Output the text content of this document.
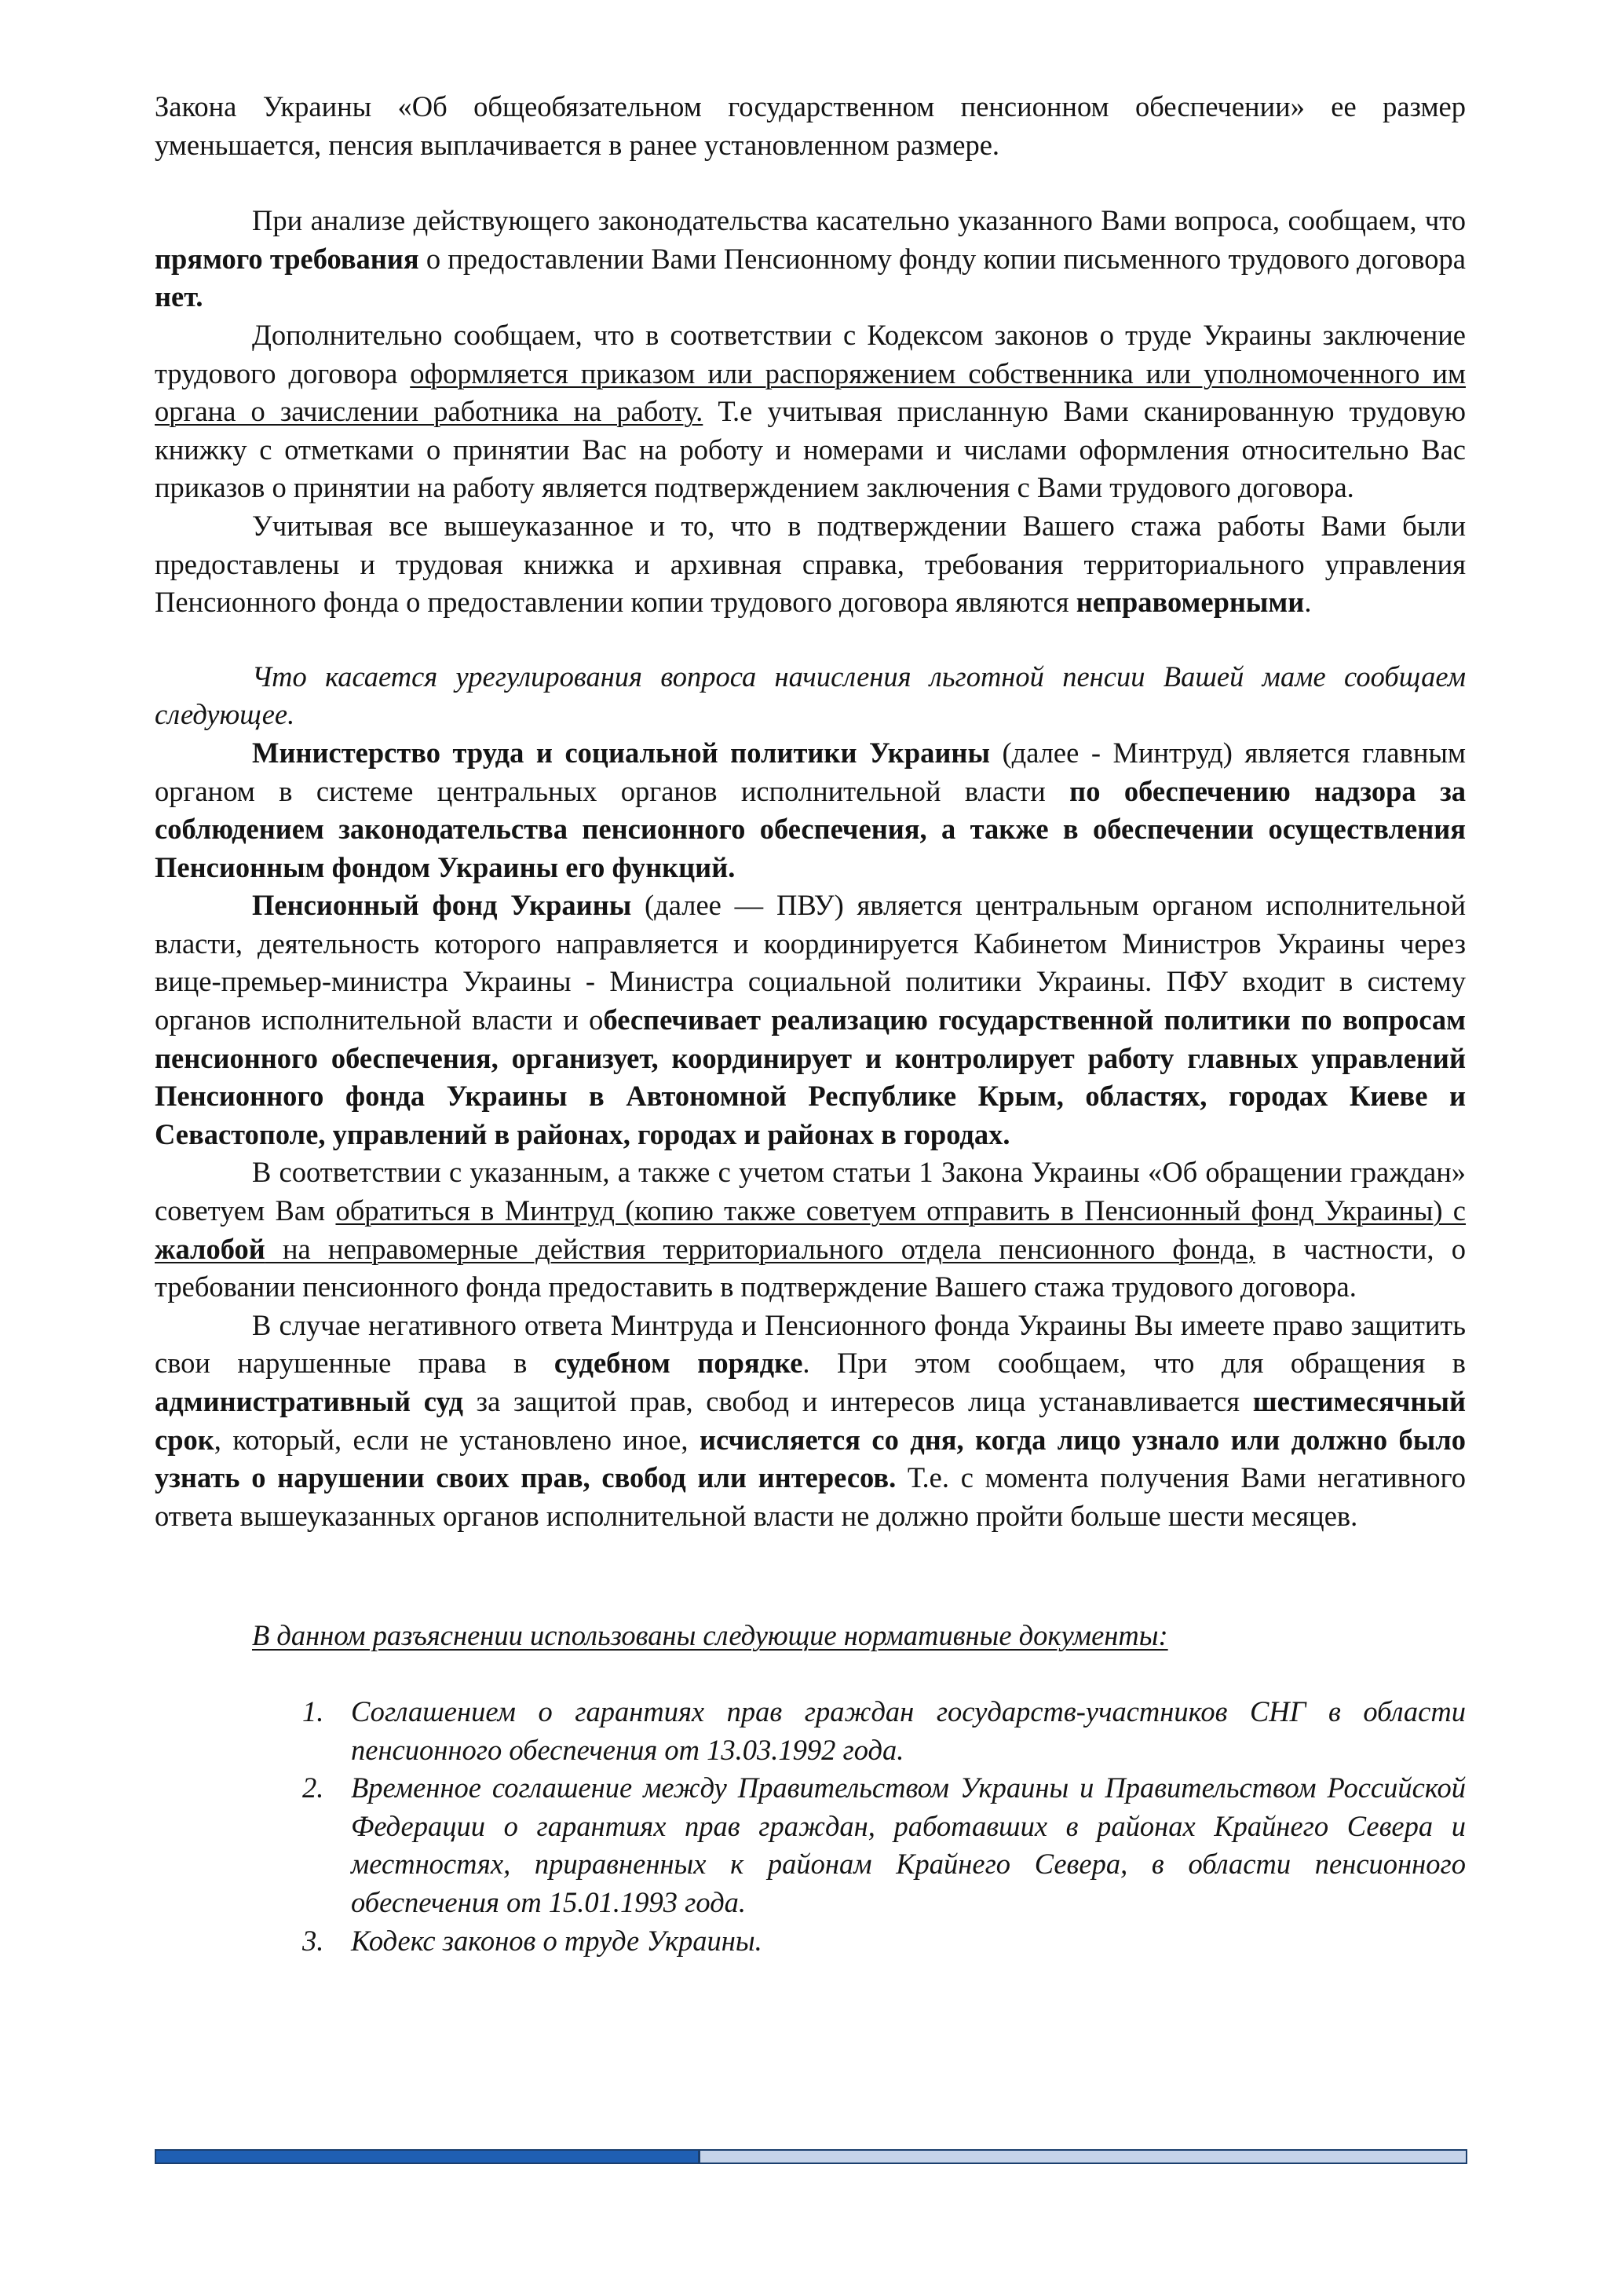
Закона Украины «Об общеобязательном государственном пенсионном обеспечении» ее размер уменьшается, пенсия выплачивается в ранее установленном размере.

При анализе действующего законодательства касательно указанного Вами вопроса, сообщаем, что прямого требования о предоставлении Вами Пенсионному фонду копии письменного трудового договора нет.

Дополнительно сообщаем, что в соответствии с Кодексом законов о труде Украины заключение трудового договора оформляется приказом или распоряжением собственника или уполномоченного им органа о зачислении работника на работу. Т.е учитывая присланную Вами сканированную трудовую книжку с отметками о принятии Вас на роботу и номерами и числами оформления относительно Вас приказов о принятии на работу является подтверждением заключения с Вами трудового договора.

Учитывая все вышеуказанное и то, что в подтверждении Вашего стажа работы Вами были предоставлены и трудовая книжка и архивная справка, требования территориального управления Пенсионного фонда о предоставлении копии трудового договора являются неправомерными.

Что касается урегулирования вопроса начисления льготной пенсии Вашей маме сообщаем следующее.

Министерство труда и социальной политики Украины (далее - Минтруд) является главным органом в системе центральных органов исполнительной власти по обеспечению надзора за соблюдением законодательства пенсионного обеспечения, а также в обеспечении осуществления Пенсионным фондом Украины его функций.

Пенсионный фонд Украины (далее — ПВУ) является центральным органом исполнительной власти, деятельность которого направляется и координируется Кабинетом Министров Украины через вице-премьер-министра Украины - Министра социальной политики Украины. ПФУ входит в систему органов исполнительной власти и обеспечивает реализацию государственной политики по вопросам пенсионного обеспечения, организует, координирует и контролирует работу главных управлений Пенсионного фонда Украины в Автономной Республике Крым, областях, городах Киеве и Севастополе, управлений в районах, городах и районах в городах.

В соответствии с указанным, а также с учетом статьи 1 Закона Украины «Об обращении граждан» советуем Вам обратиться в Минтруд (копию также советуем отправить в Пенсионный фонд Украины) с жалобой на неправомерные действия территориального отдела пенсионного фонда, в частности, о требовании пенсионного фонда предоставить в подтверждение Вашего стажа трудового договора.

В случае негативного ответа Минтруда и Пенсионного фонда Украины Вы имеете право защитить свои нарушенные права в судебном порядке. При этом сообщаем, что для обращения в административный суд за защитой прав, свобод и интересов лица устанавливается шестимесячный срок, который, если не установлено иное, исчисляется со дня, когда лицо узнало или должно было узнать о нарушении своих прав, свобод или интересов. Т.е. с момента получения Вами негативного ответа вышеуказанных органов исполнительной власти не должно пройти больше шести месяцев.

В данном разъяснении использованы следующие нормативные документы:

1. Соглашением о гарантиях прав граждан государств-участников СНГ в области пенсионного обеспечения от 13.03.1992 года.
2. Временное соглашение между Правительством Украины и Правительством Российской Федерации о гарантиях прав граждан, работавших в районах Крайнего Севера и местностях, приравненных к районам Крайнего Севера, в области пенсионного обеспечения от 15.01.1993 года.
3. Кодекс законов о труде Украины.
